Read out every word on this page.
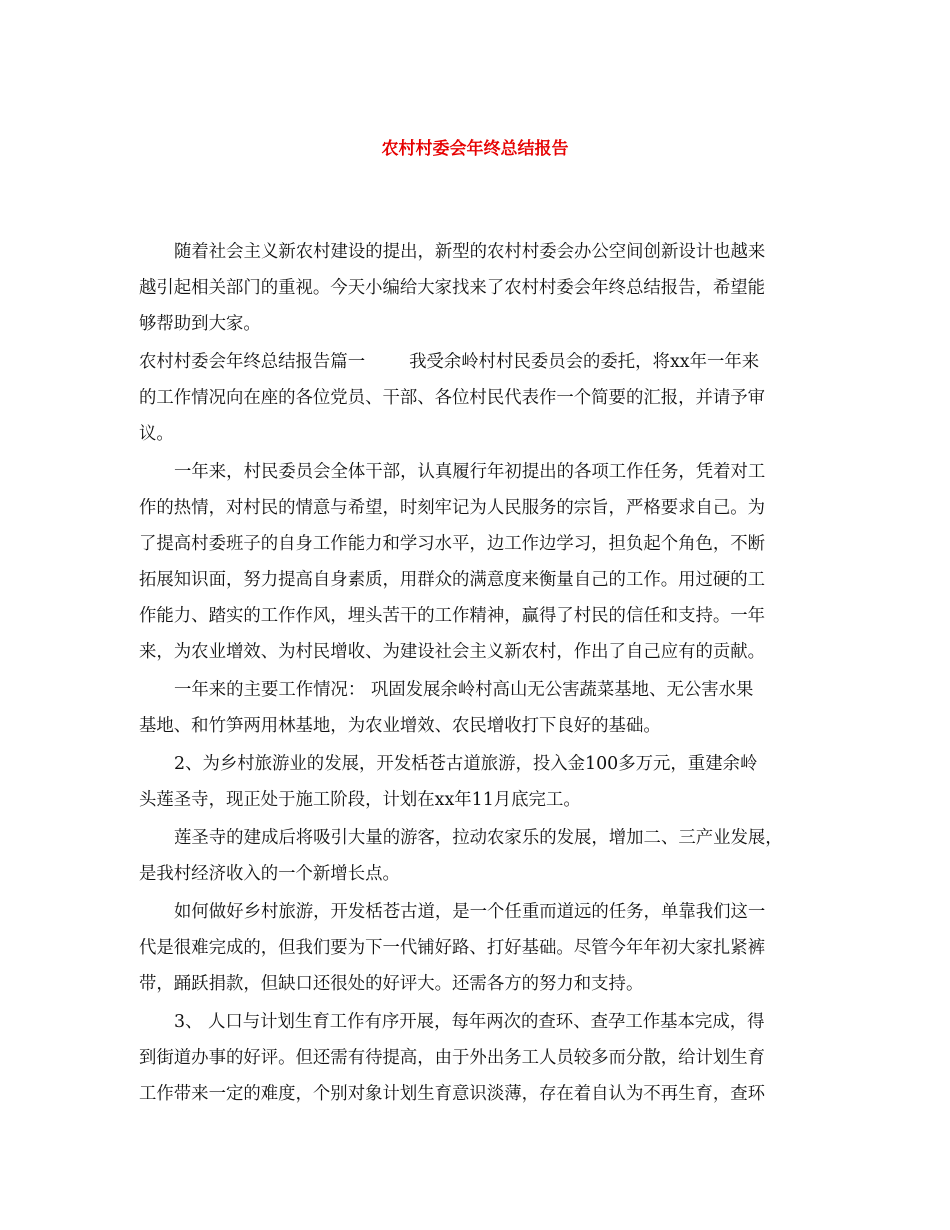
农村村委会年终总结报告
随着社会主义新农村建设的提出，新型的农村村委会办公空间创新设计也越来
越引起相关部门的重视。今天小编给大家找来了农村村委会年终总结报告，希望能
够帮助到大家。
农村村委会年终总结报告篇一	我受余岭村村民委员会的委托，将xx年一年来
的工作情况向在座的各位党员、干部、各位村民代表作一个简要的汇报，并请予审
议。
一年来，村民委员会全体干部，认真履行年初提出的各项工作任务，凭着对工
作的热情，对村民的情意与希望，时刻牢记为人民服务的宗旨，严格要求自己。为
了提高村委班子的自身工作能力和学习水平，边工作边学习，担负起个角色，不断
拓展知识面，努力提高自身素质，用群众的满意度来衡量自己的工作。用过硬的工
作能力、踏实的工作作风，埋头苦干的工作精神，赢得了村民的信任和支持。一年
来，为农业增效、为村民增收、为建设社会主义新农村，作出了自己应有的贡献。
一年来的主要工作情况： 巩固发展余岭村高山无公害蔬菜基地、无公害水果
基地、和竹笋两用林基地，为农业增效、农民增收打下良好的基础。
2、为乡村旅游业的发展，开发栝苍古道旅游，投入金100多万元，重建余岭
头莲圣寺，现正处于施工阶段，计划在xx年11月底完工。
莲圣寺的建成后将吸引大量的游客，拉动农家乐的发展，增加二、三产业发展，
是我村经济收入的一个新增长点。
如何做好乡村旅游，开发栝苍古道，是一个任重而道远的任务，单靠我们这一
代是很难完成的，但我们要为下一代铺好路、打好基础。尽管今年年初大家扎紧裤
带，踊跃捐款，但缺口还很处的好评大。还需各方的努力和支持。
3、 人口与计划生育工作有序开展，每年两次的查环、查孕工作基本完成，得
到街道办事的好评。但还需有待提高，由于外出务工人员较多而分散，给计划生育
工作带来一定的难度，个别对象计划生育意识淡薄，存在着自认为不再生育，查环
